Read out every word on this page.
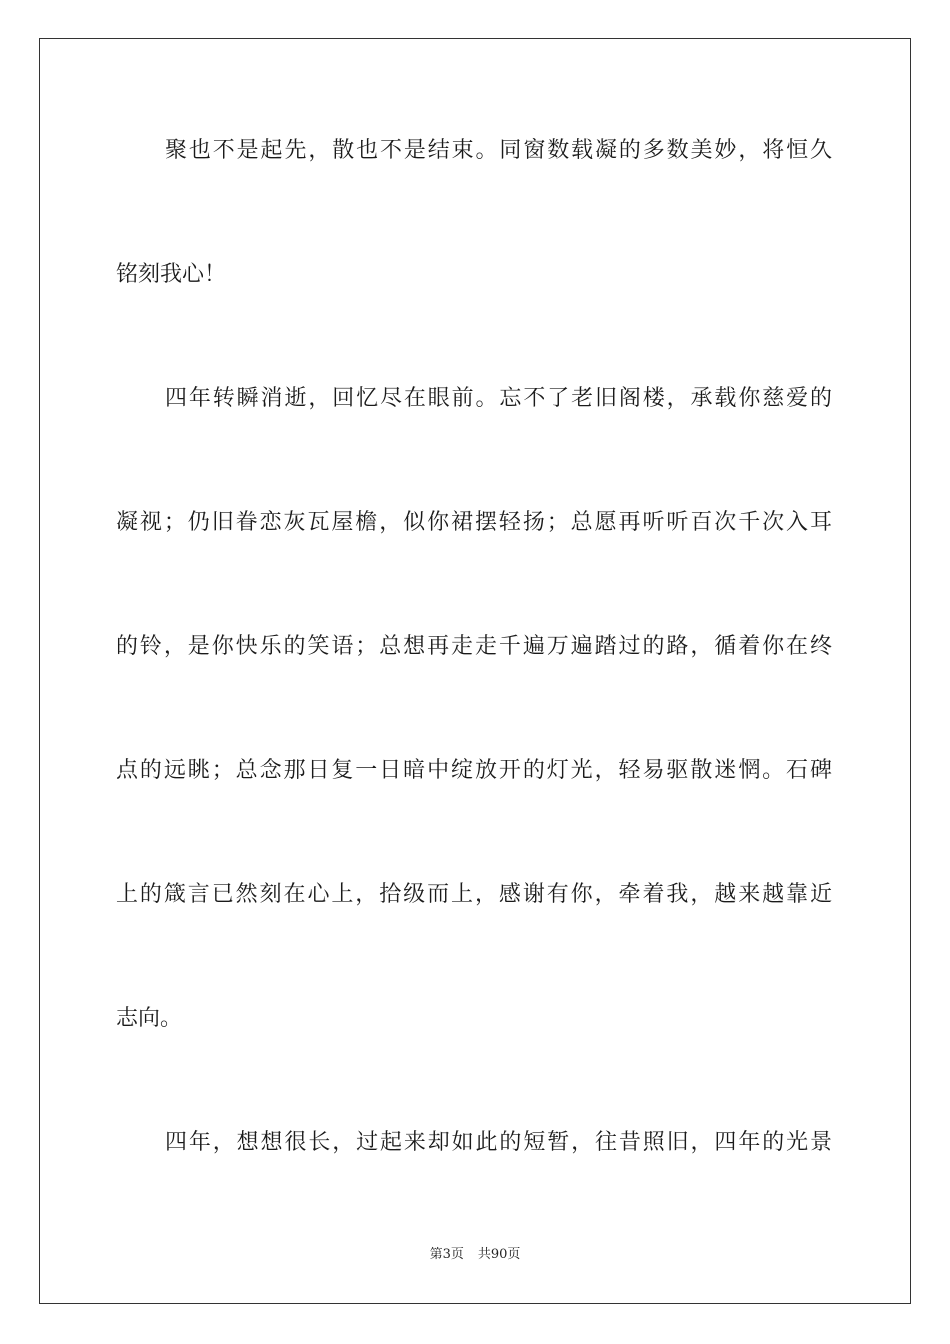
聚也不是起先，散也不是结束。同窗数载凝的多数美妙，将恒久
铭刻我心！
四年转瞬消逝，回忆尽在眼前。忘不了老旧阁楼，承载你慈爱的
凝视；仍旧眷恋灰瓦屋檐，似你裙摆轻扬；总愿再听听百次千次入耳
的铃，是你快乐的笑语；总想再走走千遍万遍踏过的路，循着你在终
点的远眺；总念那日复一日暗中绽放开的灯光，轻易驱散迷惘。石碑
上的箴言已然刻在心上，拾级而上，感谢有你，牵着我，越来越靠近
志向。
四年，想想很长，过起来却如此的短暂，往昔照旧，四年的光景
第3页 共90页
